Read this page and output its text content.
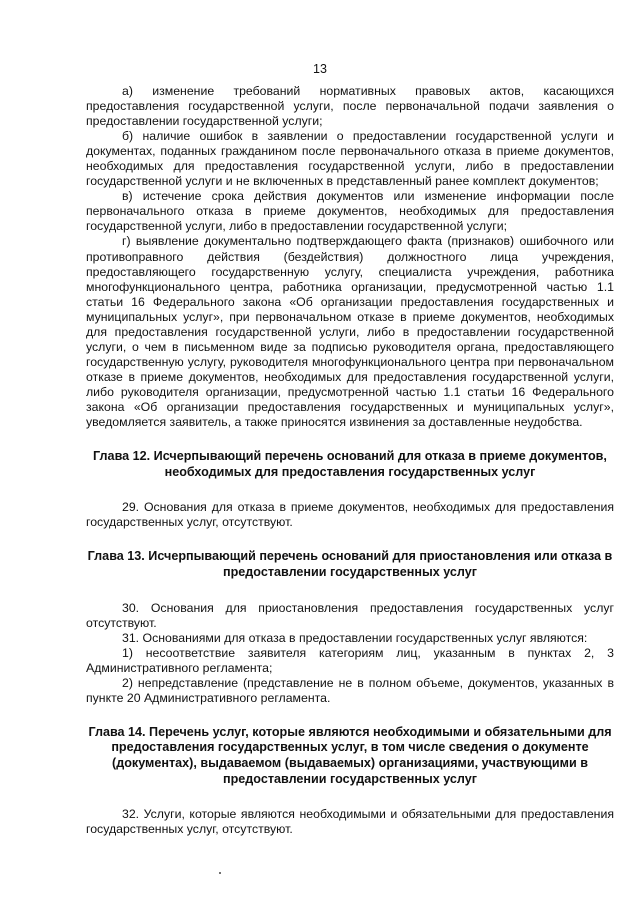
13

а) изменение требований нормативных правовых актов, касающихся предоставления государственной услуги, после первоначальной подачи заявления о предоставлении государственной услуги;

б) наличие ошибок в заявлении о предоставлении государственной услуги и документах, поданных гражданином после первоначального отказа в приеме документов, необходимых для предоставления государственной услуги, либо в предоставлении государственной услуги и не включенных в представленный ранее комплект документов;

в) истечение срока действия документов или изменение информации после первоначального отказа в приеме документов, необходимых для предоставления государственной услуги, либо в предоставлении государственной услуги;

г) выявление документально подтверждающего факта (признаков) ошибочного или противоправного действия (бездействия) должностного лица учреждения, предоставляющего государственную услугу, специалиста учреждения, работника многофункционального центра, работника организации, предусмотренной частью 1.1 статьи 16 Федерального закона «Об организации предоставления государственных и муниципальных услуг», при первоначальном отказе в приеме документов, необходимых для предоставления государственной услуги, либо в предоставлении государственной услуги, о чем в письменном виде за подписью руководителя органа, предоставляющего государственную услугу, руководителя многофункционального центра при первоначальном отказе в приеме документов, необходимых для предоставления государственной услуги, либо руководителя организации, предусмотренной частью 1.1 статьи 16 Федерального закона «Об организации предоставления государственных и муниципальных услуг», уведомляется заявитель, а также приносятся извинения за доставленные неудобства.

Глава 12. Исчерпывающий перечень оснований для отказа в приеме документов, необходимых для предоставления государственных услуг

29. Основания для отказа в приеме документов, необходимых для предоставления государственных услуг, отсутствуют.

Глава 13. Исчерпывающий перечень оснований для приостановления или отказа в предоставлении государственных услуг

30. Основания для приостановления предоставления государственных услуг отсутствуют.

31. Основаниями для отказа в предоставлении государственных услуг являются:

1) несоответствие заявителя категориям лиц, указанным в пунктах 2, 3 Административного регламента;

2) непредставление (представление не в полном объеме, документов, указанных в пункте 20 Административного регламента.

Глава 14. Перечень услуг, которые являются необходимыми и обязательными для предоставления государственных услуг, в том числе сведения о документе (документах), выдаваемом (выдаваемых) организациями, участвующими в предоставлении государственных услуг

32. Услуги, которые являются необходимыми и обязательными для предоставления государственных услуг, отсутствуют.
